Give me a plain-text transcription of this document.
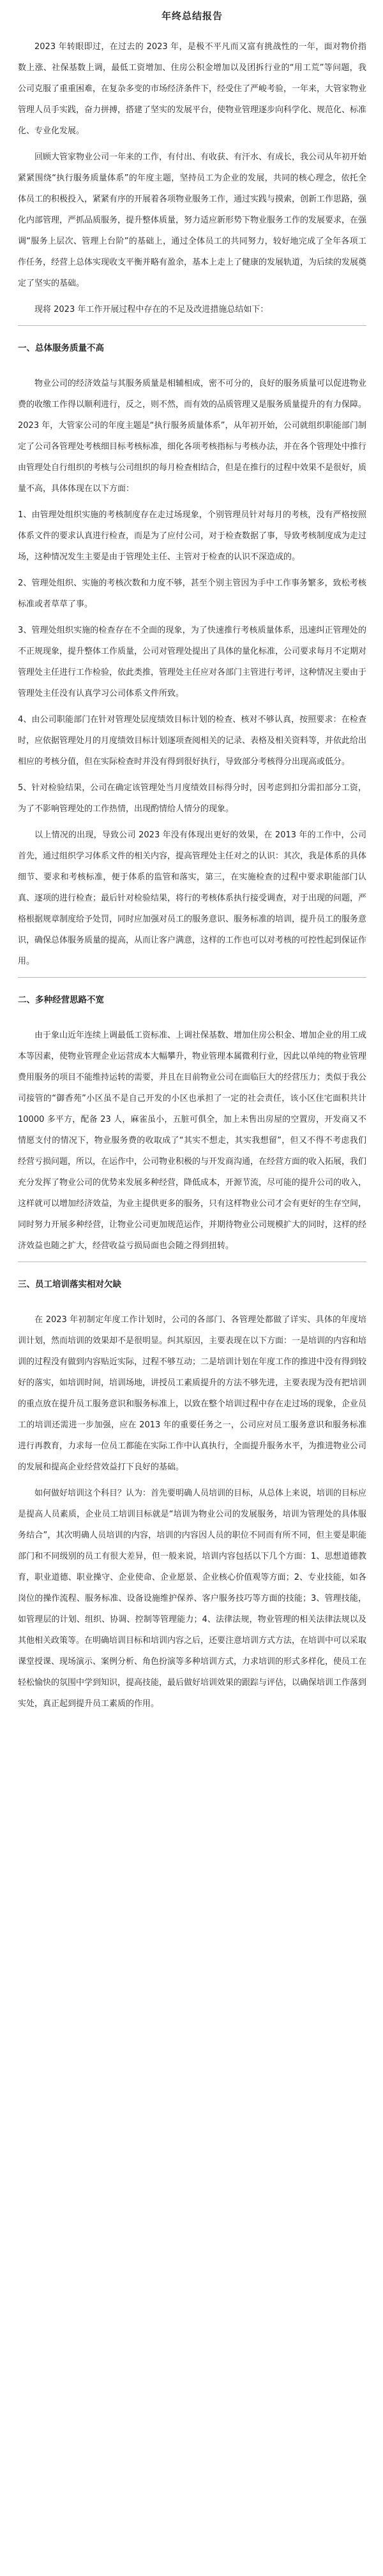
年终总结报告

2023 年转眼即过，在过去的 2023 年，是极不平凡而又富有挑战性的一年，面对物价指数上涨、社保基数上调，最低工资增加、住房公积金增加以及团拆行业的“用工荒”等问题，我公司克服了重重困难，在复杂多变的市场经济条件下，经受住了严峻考验，一年来，大管家物业管理人员手实践，奋力拼搏，搭建了坚实的发展平台，使物业管理逐步向科学化、规范化、标准化、专业化发展。

回顾大管家物业公司一年来的工作，有付出、有收获、有汗水、有成长，我公司从年初开始紧紧围绕“执行服务质量体系”的年度主题，坚持员工为企业的发展，共同的核心理念，依托全体员工的积极投入，紧紧有序的开展着各项物业服务工作，通过实践与摸索，创新工作思路，强化内部管理，严抓品质服务，提升整体质量，努力适应新形势下物业服务工作的发展要求，在强调“服务上层次、管理上台阶”的基础上，通过全体员工的共同努力，较好地完成了全年各项工作任务，经营上总体实现收支平衡并略有盈余，基本上走上了健康的发展轨道，为后续的发展奠定了坚实的基础。

现将 2023 年工作开展过程中存在的不足及改进措施总结如下：

一、总体服务质量不高

物业公司的经济效益与其服务质量是相辅相成，密不可分的，良好的服务质量可以促进物业费的收缴工作得以顺利进行，反之，则不然，而有效的品质管理又是服务质量提升的有力保障。2023 年，大管家公司的年度主题是“执行服务质量体系”，从年初开始，公司就组织职能部门制定了公司各管理处考核细目标考核标准，细化各项考核指标与考核办法，并在各个管理处中推行由管理处自行组织的考核与公司组织的每月检查相结合，但是在推行的过程中效果不是很好，质量不高，具体体现在以下方面：

1、由管理处组织实施的考核制度存在走过场现象，个别管理员针对每月的考核，没有严格按照体系文件的要求认真进行检查，而是为了应付公司，对于检查数据了事，导致考核制度成为走过场，这种情况发生主要是由于管理处主任、主管对于检查的认识不深造成的。

2、管理处组织、实施的考核次数和力度不够，甚至个别主管因为手中工作事务繁多，致松考核标准或者草草了事。

3、管理处组织实施的检查存在不全面的现象，为了快速推行考核质量体系，迅速纠正管理处的不正规现象，提升整体工作质量，公司对管理处提出了具体的量化标准，公司要求每月不定期对管理处主任进行工作检验，依此类推，管理处主任应对各部门主管进行考评，这种情况主要由于管理处主任没有认真学习公司体系文件所致。

4、由公司职能部门在针对管理处层度绩效目标计划的检查、核对不够认真，按照要求：在检查时，应依据管理处月的月度绩效目标计划逐项查阅相关的记录、表格及相关资料等，并依此给出相应的考核分值，但在实际检查时并没有得到很好执行，导致部分考核得分出现高或低分。

5、针对检验结果，公司在确定该管理处当月度绩效目标得分时，因考虑到扣分需扣部分工资，为了不影响管理处的工作热情，出现酌情给人情分的现象。

以上情况的出现，导致公司 2023 年没有体现出更好的效果，在 2013 年的工作中，公司首先，通过组织学习体系文件的相关内容，提高管理处主任对之的认识：其次，我是体系的具体细节、要求和考核标准，便于体系的监管和落实，第三，在实施检查的过程中要求职能部门认真、逐项的进行检查；最后针对检验结果，将行的考核体系执行接受调查，对于出现的问题，严格根据规章制度给予处罚，同时应加强对员工的服务意识、服务标准的培训，提升员工的服务意识，确保总体服务质量的提高，从而让客户满意，这样的工作也可以对考核的可控性起到保证作用。

二、多种经营思路不宽

由于象山近年连续上调最低工资标准、上调社保基数、增加住房公积金、增加企业的用工成本等因素，使物业管理企业运营成本大幅攀升，物业管理本属微利行业，因此以单纯的物业管理费用服务的项目不能维持运转的需要，并且在目前物业公司在面临巨大的经营压力；类似于我公司接管的“御香苑”小区虽不是自己开发的小区也承担了一定的社会责任，该小区住宅面积共计 10000 多平方，配备 23 人，麻雀虽小，五脏可俱全，加上未售出房屋的空置房，开发商又不情愿支付的情况下，物业服务费的收取成了“其实不想走，其实我想留”，但又不得不考虑我们经营亏损问题，所以，在运作中，公司物业积极的与开发商沟通，在经营方面的收入拓展，我们充分发挥了物业公司的优势来发展多种经营，降低成本，开源节流，尽可能的提升公司的收入，这样就可以增加经济效益，为业主提供更多的服务，只有这样物业公司才会有更好的生存空间，同时努力开展多种经营，让物业公司更加规范运作，并期待物业公司规模扩大的同时，这样的经济效益也随之扩大，经营收益亏损局面也会随之得到扭转。

三、员工培训落实相对欠缺

在 2023 年初制定年度工作计划时，公司的各部门、各管理处都做了详实、具体的年度培训计划，然而培训的效果却不是很明显。纠其原因，主要表现在以下方面：一是培训的内容和培训的过程没有做到内容贴近实际，过程不够互动；二是培训计划在年度工作的推进中没有得到较好的落实，如培训时间，培训场地，讲授员工素质提升的方法不够先进，主要表现为没有把培训的重点放在提升员工服务意识和服务标准上，以致在整个培训过程中存在走过场的现象，企业员工的培训还需进一步加强，应在 2013 年的重要任务之一，公司应对员工服务意识和服务标准进行再教育，力求每一位员工都能在实际工作中认真执行，全面提升服务水平，为推进物业公司的发展和提高企业经营效益打下良好的基础。

如何做好培训这个科目？认为：首先要明确人员培训的目标，从总体上来说，培训的目标应是提高人员素质，企业员工培训目标就是“培训为物业公司的发展服务，培训为管理处的具体服务结合”，其次明确人员培训的内容，培训的内容因人员的职位不同而有所不同，但主要是职能部门和不同级别的员工有很大差异，但一般来说，培训内容包括以下几个方面：1、思想道德教育，职业道德、职业操守、企业使命、企业愿景、企业核心价值观等方面；2、专业技能，如各岗位的操作流程、服务标准、设备设施维护保养、客户服务技巧等方面的技能；3、管理技能，如管理层的计划、组织、协调、控制等管理能力；4、法律法规，物业管理的相关法律法规以及其他相关政策等。在明确培训目标和培训内容之后，还要注意培训方式方法，在培训中可以采取课堂授课、现场演示、案例分析、角色扮演等多种培训方式，力求培训的形式多样化，使员工在轻松愉快的氛围中学到知识，提高技能，最后做好培训效果的跟踪与评估，以确保培训工作落到实处，真正起到提升员工素质的作用。
